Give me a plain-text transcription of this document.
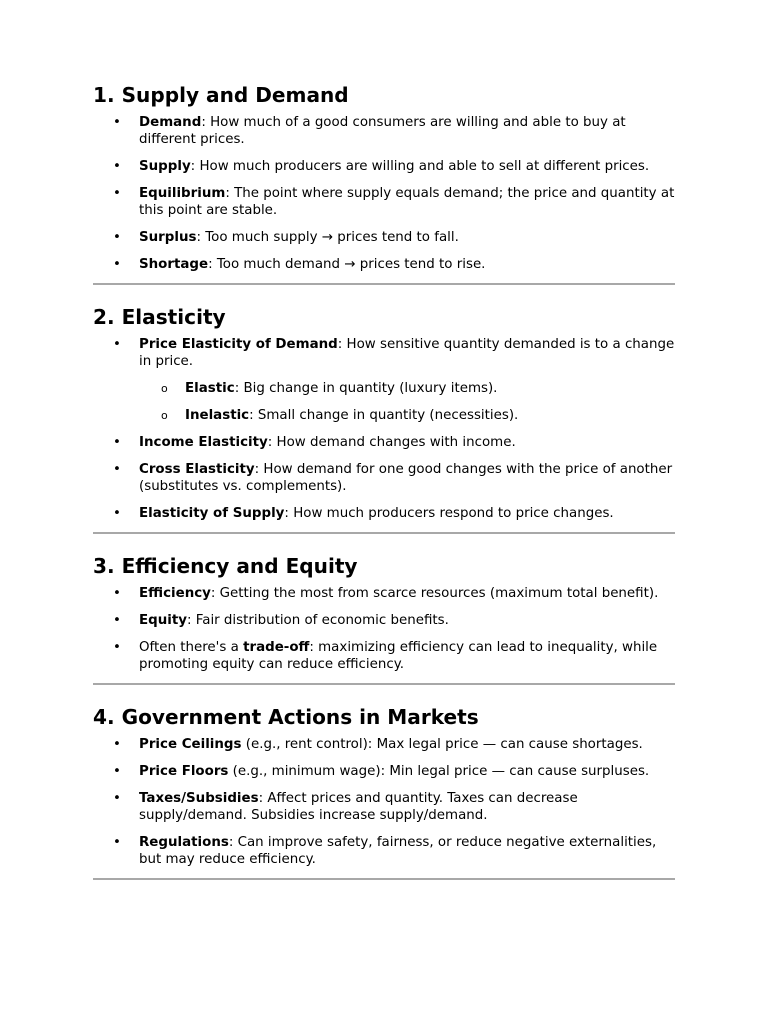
1. Supply and Demand
• Demand: How much of a good consumers are willing and able to buy at different prices.
• Supply: How much producers are willing and able to sell at different prices.
• Equilibrium: The point where supply equals demand; the price and quantity at this point are stable.
• Surplus: Too much supply → prices tend to fall.
• Shortage: Too much demand → prices tend to rise.
2. Elasticity
• Price Elasticity of Demand: How sensitive quantity demanded is to a change in price.
o Elastic: Big change in quantity (luxury items).
o Inelastic: Small change in quantity (necessities).
• Income Elasticity: How demand changes with income.
• Cross Elasticity: How demand for one good changes with the price of another (substitutes vs. complements).
• Elasticity of Supply: How much producers respond to price changes.
3. Efficiency and Equity
• Efficiency: Getting the most from scarce resources (maximum total benefit).
• Equity: Fair distribution of economic benefits.
• Often there's a trade-off: maximizing efficiency can lead to inequality, while promoting equity can reduce efficiency.
4. Government Actions in Markets
• Price Ceilings (e.g., rent control): Max legal price — can cause shortages.
• Price Floors (e.g., minimum wage): Min legal price — can cause surpluses.
• Taxes/Subsidies: Affect prices and quantity. Taxes can decrease supply/demand. Subsidies increase supply/demand.
• Regulations: Can improve safety, fairness, or reduce negative externalities, but may reduce efficiency.
